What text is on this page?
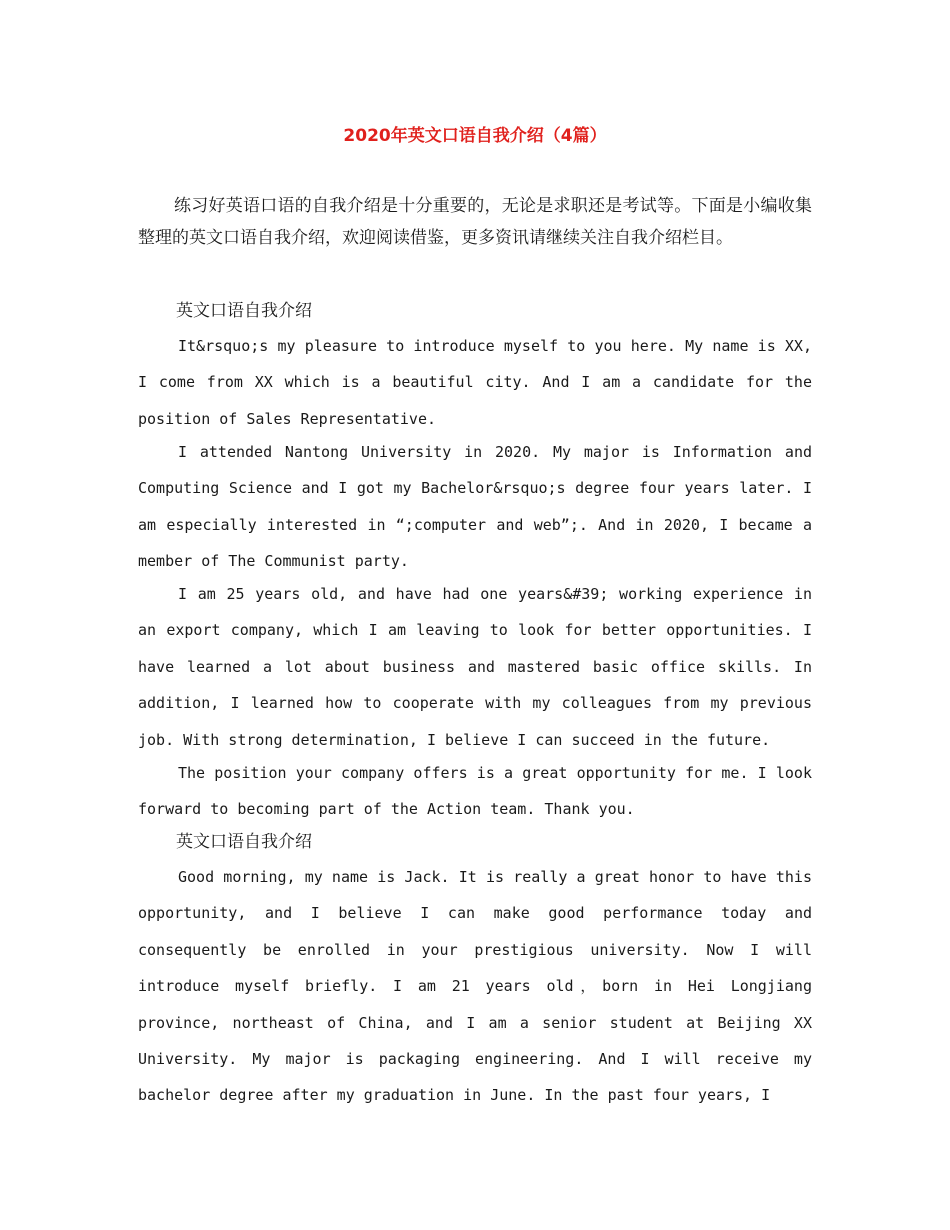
2020年英文口语自我介绍（4篇）

练习好英语口语的自我介绍是十分重要的，无论是求职还是考试等。下面是小编收集整理的英文口语自我介绍，欢迎阅读借鉴，更多资讯请继续关注自我介绍栏目。

英文口语自我介绍

It&rsquo;s my pleasure to introduce myself to you here. My name is XX, I come from XX which is a beautiful city. And I am a candidate for the position of Sales Representative.

I attended Nantong University in 2020. My major is Information and Computing Science and I got my Bachelor&rsquo;s degree four years later. I am especially interested in “;computer and web”;. And in 2020, I became a member of The Communist party.

I am 25 years old, and have had one years&#39; working experience in an export company, which I am leaving to look for better opportunities. I have learned a lot about business and mastered basic office skills. In addition, I learned how to cooperate with my colleagues from my previous job. With strong determination, I believe I can succeed in the future.

The position your company offers is a great opportunity for me. I look forward to becoming part of the Action team. Thank you.

英文口语自我介绍

Good morning, my name is Jack. It is really a great honor to have this opportunity, and I believe I can make good performance today and consequently be enrolled in your prestigious university. Now I will introduce myself briefly. I am 21 years old，born in Hei Longjiang province, northeast of China, and I am a senior student at Beijing XX University. My major is packaging engineering. And I will receive my bachelor degree after my graduation in June. In the past four years, I
